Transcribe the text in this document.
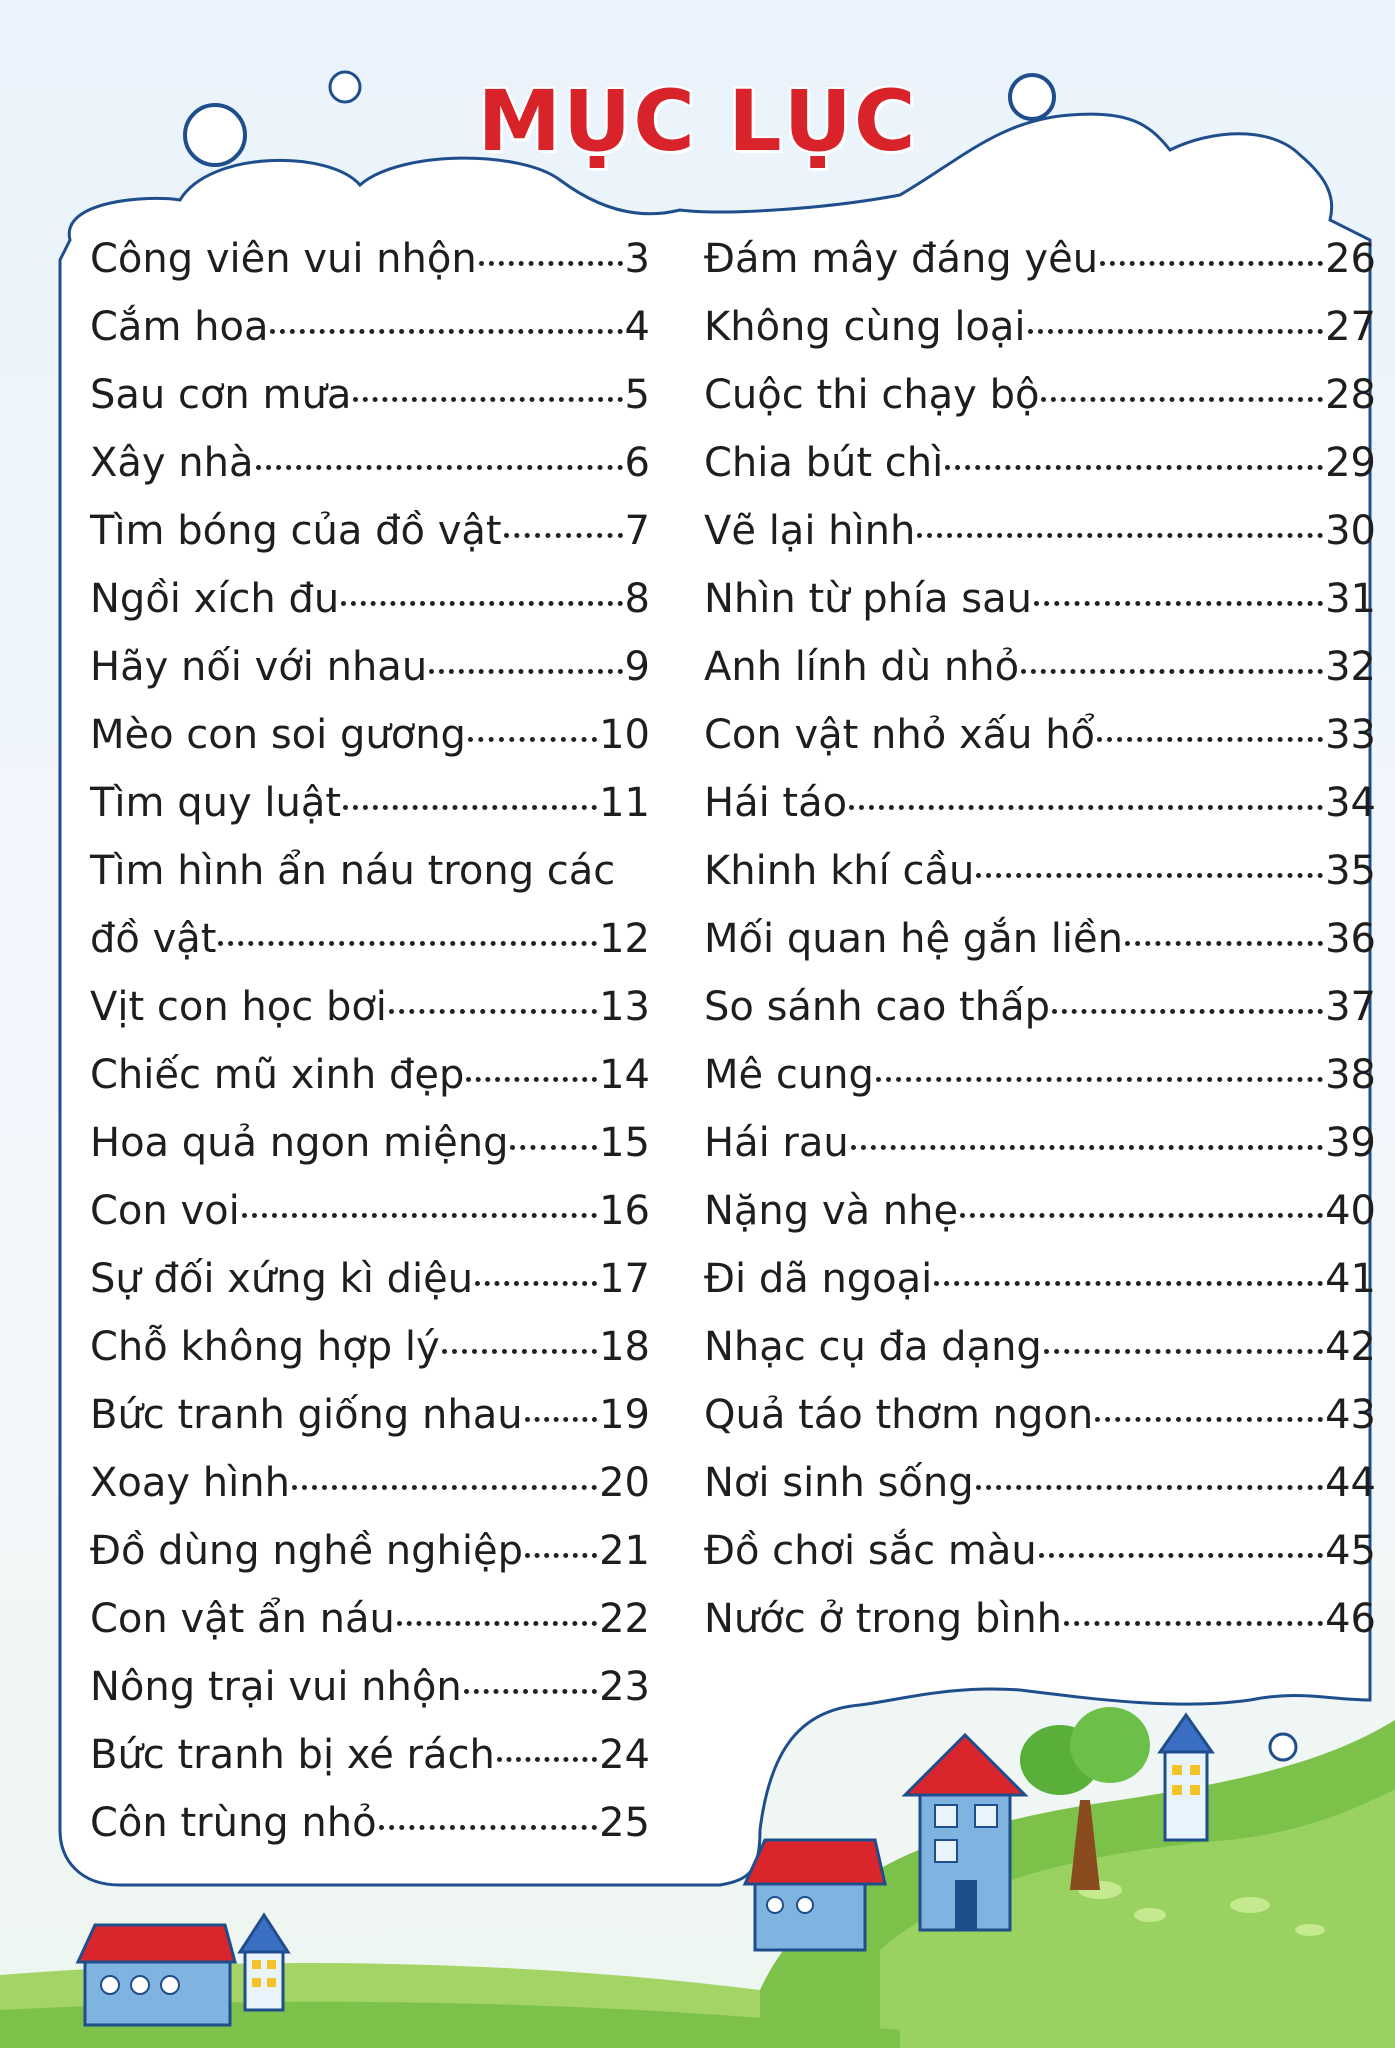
MỤC LỤC
Công viên vui nhộn	3
Cắm hoa	4
Sau cơn mưa	5
Xây nhà	6
Tìm bóng của đồ vật	7
Ngồi xích đu	8
Hãy nối với nhau	9
Mèo con soi gương	10
Tìm quy luật	11
Tìm hình ẩn náu trong các
đồ vật	12
Vịt con học bơi	13
Chiếc mũ xinh đẹp	14
Hoa quả ngon miệng 15
Con voi	16
Sự đối xứng kì diệu	17
Chỗ không hợp lý	18
Bức tranh giống nhau 19
Xoay hình	20
Đồ dùng nghề nghiệp 21
Con vật ẩn náu	22
Nông trại vui nhộn	23
Bức tranh bị xé rách	24
Côn trùng nhỏ	25
Đám mây đáng yêu	26
Không cùng loại	27
Cuộc thi chạy bộ	28
Chia bút chì	29
Vẽ lại hình	30
Nhìn từ phía sau	31
Anh lính dù nhỏ	32
Con vật nhỏ xấu hổ	33
Hái táo	34
Khinh khí cầu	35
Mối quan hệ gắn liền	36
So sánh cao thấp	37
Mê cung	38
Hái rau	39
Nặng và nhẹ	40
Đi dã ngoại	41
Nhạc cụ đa dạng	42
Quả táo thơm ngon	43
Nơi sinh sống	44
Đồ chơi sắc màu	45
Nước ở trong bình	46
